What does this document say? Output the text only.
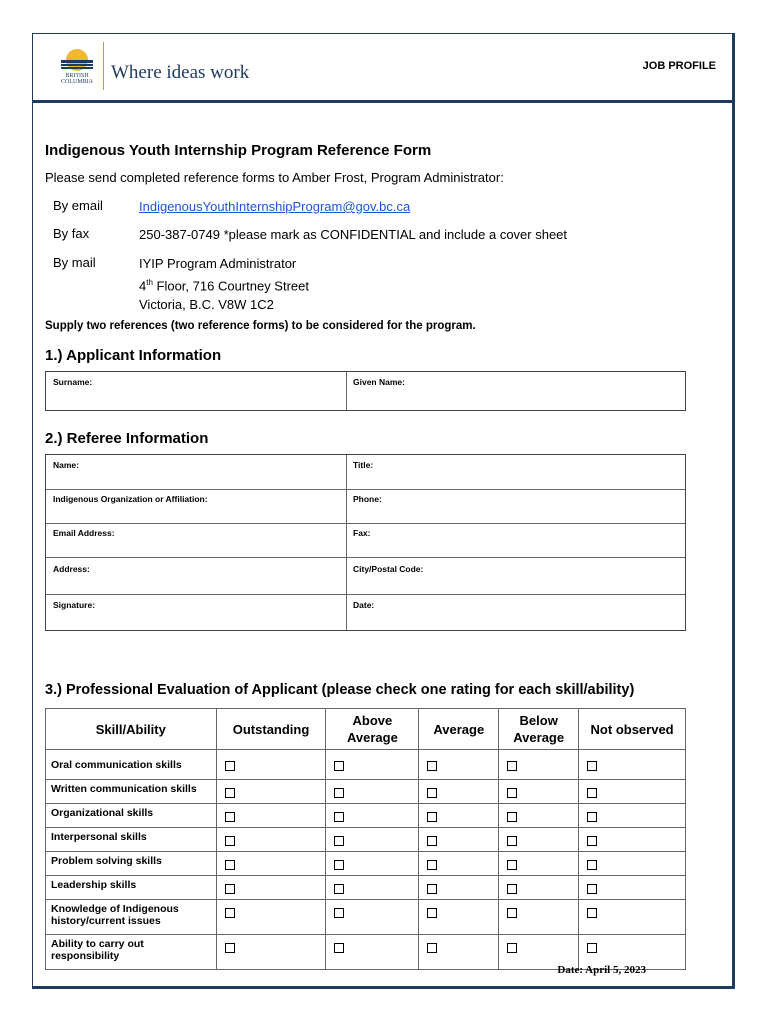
BRITISH
COLUMBIA Where ideas work	JOB PROFILE
Indigenous Youth Internship Program Reference Form
Please send completed reference forms to Amber Frost, Program Administrator:
By email	IndigenousYouthInternshipProgram@gov.bc.ca
By fax	250-387-0749 *please mark as CONFIDENTIAL and include a cover sheet
By mail	IYIP Program Administrator
4th Floor, 716 Courtney Street
Victoria, B.C. V8W 1C2
Supply two references (two reference forms) to be considered for the program.
1.) Applicant Information
Surname:	Given Name:
2.) Referee Information
Name:	Title:
Indigenous Organization or Affiliation:	Phone:
Email Address:	Fax:
Address:	City/Postal Code:
Signature:	Date:
3.) Professional Evaluation of Applicant (please check one rating for each skill/ability)
Skill/Ability	Outstanding	Above Average	Average	Below Average	Not observed
Oral communication skills					
Written communication skills					
Organizational skills					
Interpersonal skills					
Problem solving skills					
Leadership skills					
Knowledge of Indigenous history/current issues					
Ability to carry out responsibility					
Date: April 5, 2023
